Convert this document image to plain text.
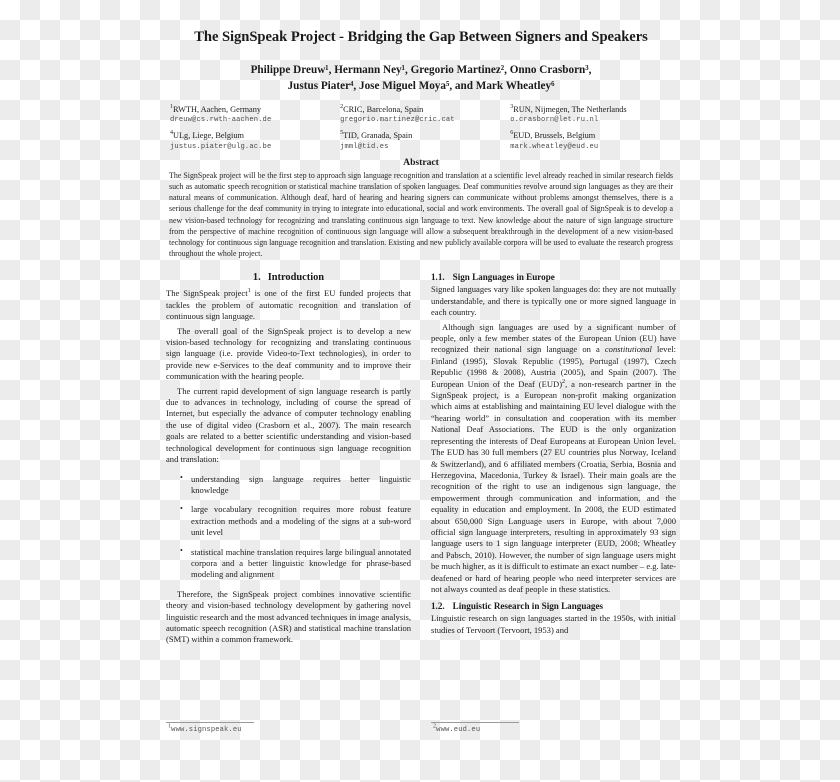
The SignSpeak Project - Bridging the Gap Between Signers and Speakers
Philippe Dreuw¹, Hermann Ney¹, Gregorio Martinez², Onno Crasborn³,
Justus Piater⁴, Jose Miguel Moya⁵, and Mark Wheatley⁶
$^1$RWTH, Aachen, Germany
dreuw@cs.rwth-aachen.de
$^2$CRIC, Barcelona, Spain
gregorio.martinez@cric.cat
$^3$RUN, Nijmegen, The Netherlands
o.crasborn@let.ru.nl
$^4$ULg, Liege, Belgium
justus.piater@ulg.ac.be
$^5$TID, Granada, Spain
jmml@tid.es
$^6$EUD, Brussels, Belgium
mark.wheatley@eud.eu
Abstract
The SignSpeak project will be the first step to approach sign language recognition and translation at a scientific level already reached in similar research fields such as automatic speech recognition or statistical machine translation of spoken languages. Deaf communities revolve around sign languages as they are their natural means of communication. Although deaf, hard of hearing and hearing signers can communicate without problems amongst themselves, there is a serious challenge for the deaf community in trying to integrate into educational, social and work environments. The overall goal of SignSpeak is to develop a new vision-based technology for recognizing and translating continuous sign language to text. New knowledge about the nature of sign language structure from the perspective of machine recognition of continuous sign language will allow a subsequent breakthrough in the development of a new vision-based technology for continuous sign language recognition and translation. Existing and new publicly available corpora will be used to evaluate the research progress throughout the whole project.
1. Introduction

The SignSpeak project$^1$ is one of the first EU funded projects that tackles the problem of automatic recognition and translation of continuous sign language.

The overall goal of the SignSpeak project is to develop a new vision-based technology for recognizing and translating continuous sign language (i.e. provide Video-to-Text technologies), in order to provide new e-Services to the deaf community and to improve their communication with the hearing people.

The current rapid development of sign language research is partly due to advances in technology, including of course the spread of Internet, but especially the advance of computer technology enabling the use of digital video (Crasborn et al., 2007). The main research goals are related to a better scientific understanding and vision-based technological development for continuous sign language recognition and translation:

• understanding sign language requires better linguistic knowledge
• large vocabulary recognition requires more robust feature extraction methods and a modeling of the signs at a sub-word unit level
• statistical machine translation requires large bilingual annotated corpora and a better linguistic knowledge for phrase-based modeling and alignment

Therefore, the SignSpeak project combines innovative scientific theory and vision-based technology development by gathering novel linguistic research and the most advanced techniques in image analysis, automatic speech recognition (ASR) and statistical machine translation (SMT) within a common framework.

1.1. Sign Languages in Europe

Signed languages vary like spoken languages do: they are not mutually understandable, and there is typically one or more signed language in each country.

Although sign languages are used by a significant number of people, only a few member states of the European Union (EU) have recognized their national sign language on a constitutional level: Finland (1995), Slovak Republic (1995), Portugal (1997), Czech Republic (1998 & 2008), Austria (2005), and Spain (2007). The European Union of the Deaf (EUD)$^2$, a non-research partner in the SignSpeak project, is a European non-profit making organization which aims at establishing and maintaining EU level dialogue with the “hearing world” in consultation and cooperation with its member National Deaf Associations. The EUD is the only organization representing the interests of Deaf Europeans at European Union level. The EUD has 30 full members (27 EU countries plus Norway, Iceland & Switzerland), and 6 affiliated members (Croatia, Serbia, Bosnia and Herzegovina, Macedonia, Turkey & Israel). Their main goals are the recognition of the right to use an indigenous sign language, the empowerment through communication and information, and the equality in education and employment. In 2008, the EUD estimated about 650,000 Sign Language users in Europe, with about 7,000 official sign language interpreters, resulting in approximately 93 sign language users to 1 sign language interpreter (EUD, 2008; Wheatley and Pabsch, 2010). However, the number of sign language users might be much higher, as it is difficult to estimate an exact number – e.g. late-deafened or hard of hearing people who need interpreter services are not always counted as deaf people in these statistics.

1.2. Linguistic Research in Sign Languages

Linguistic research on sign languages started in the 1950s, with initial studies of Tervoort (Tervoort, 1953) and

$^1$www.signspeak.eu	$^2$www.eud.eu
